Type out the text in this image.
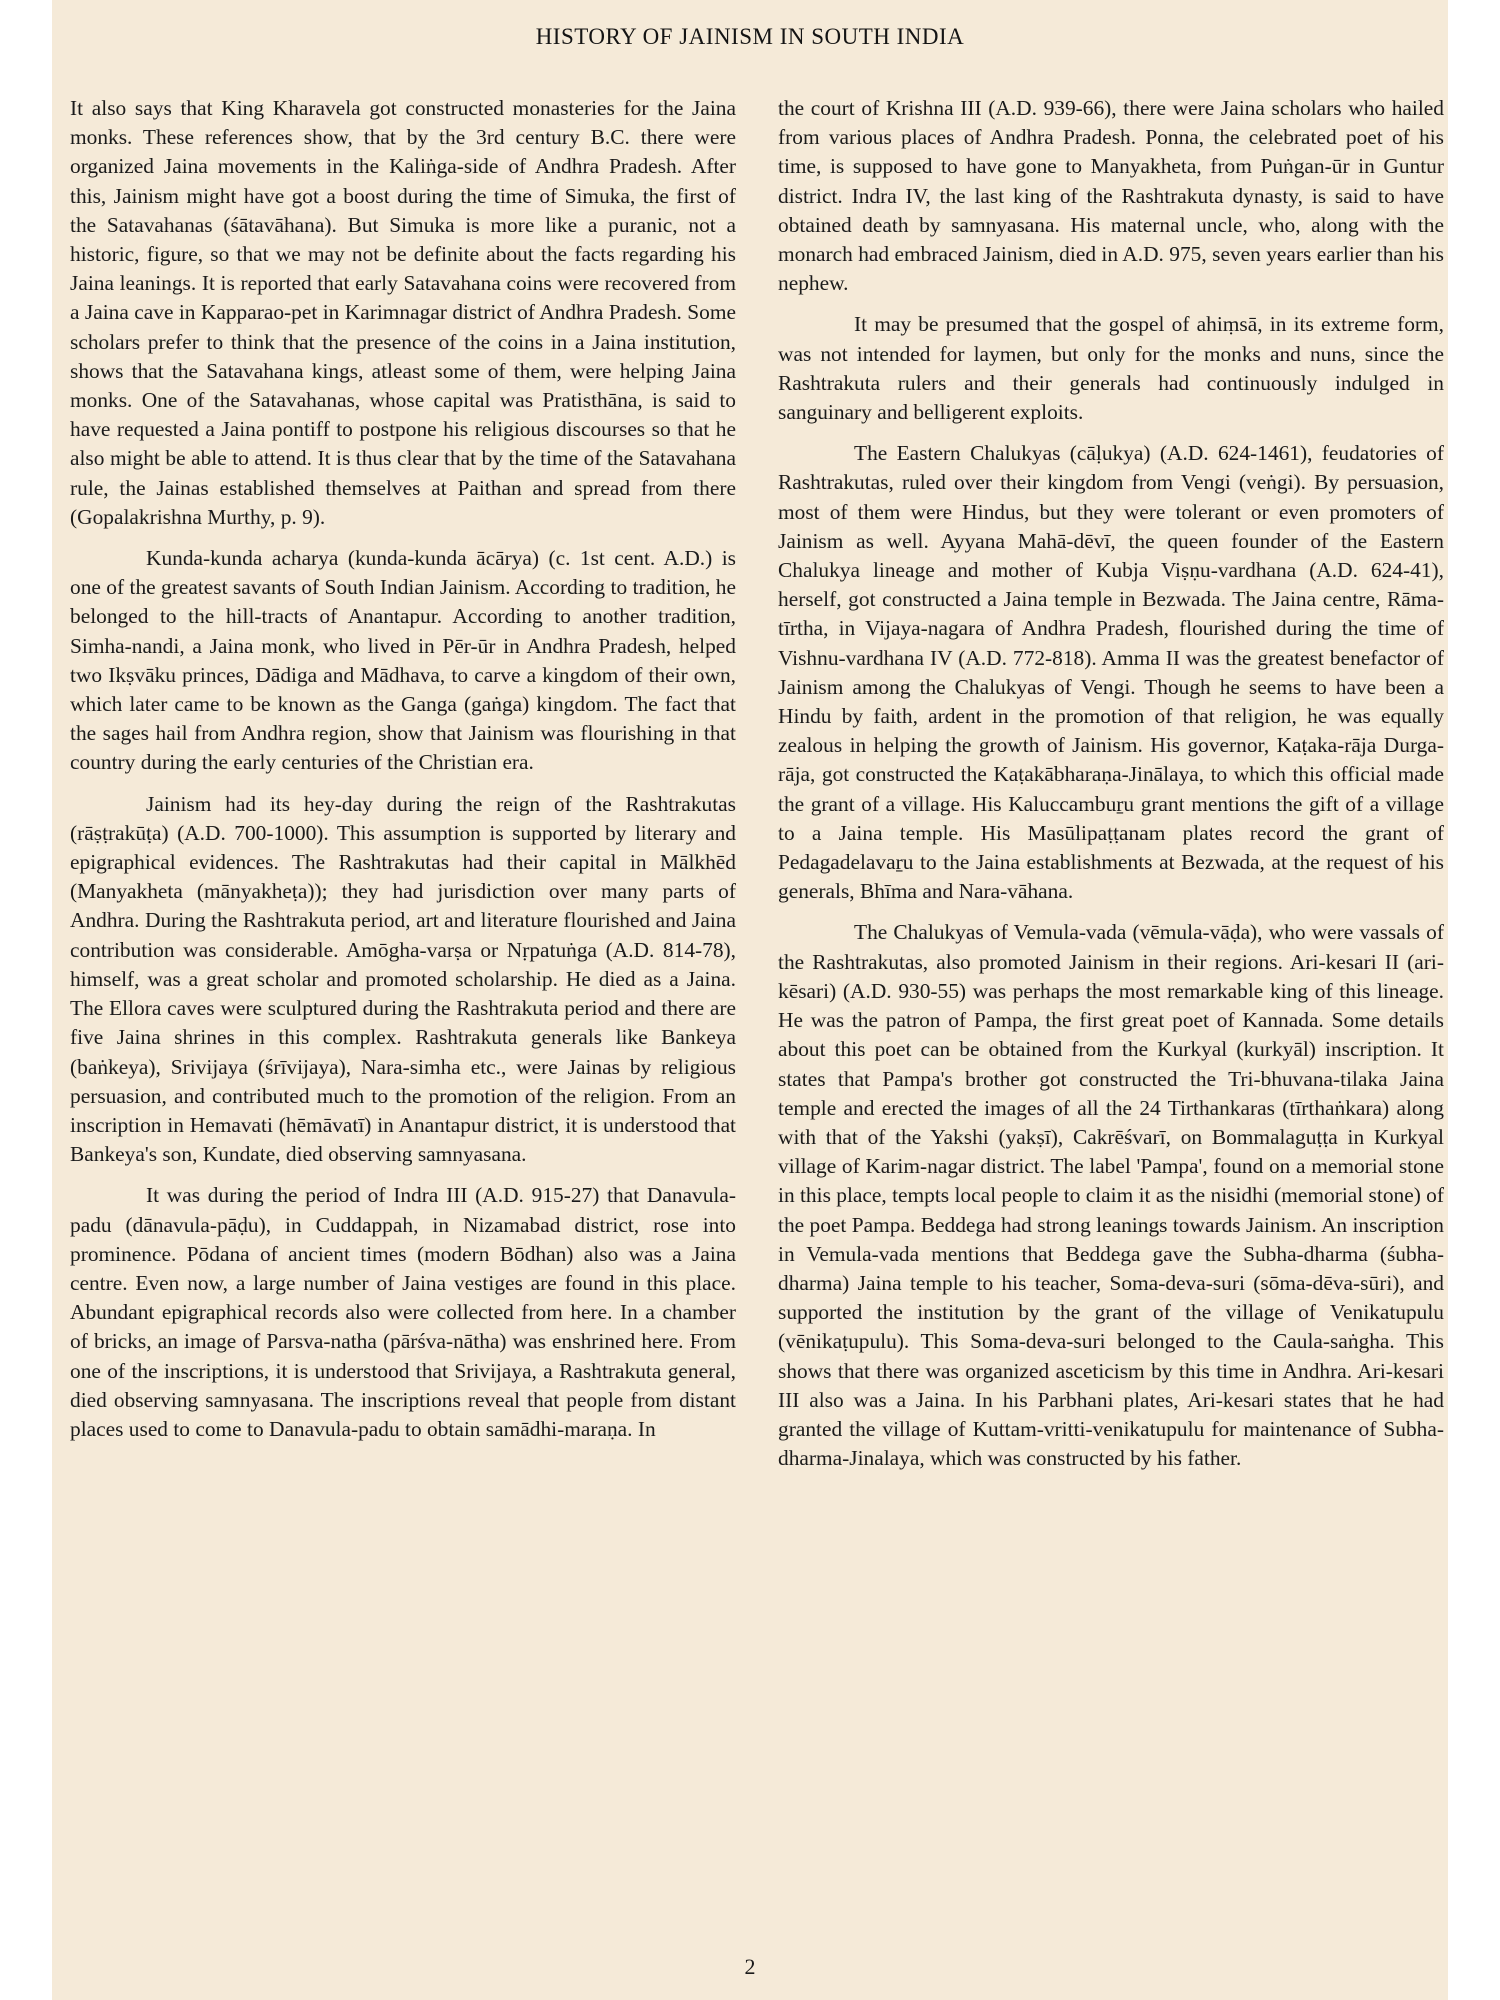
HISTORY OF JAINISM IN SOUTH INDIA

It also says that King Kharavela got constructed monasteries for the Jaina monks. These references show, that by the 3rd century B.C. there were organized Jaina movements in the Kaliṅga-side of Andhra Pradesh. After this, Jainism might have got a boost during the time of Simuka, the first of the Satavahanas (śātavāhana). But Simuka is more like a puranic, not a historic, figure, so that we may not be definite about the facts regarding his Jaina leanings. It is reported that early Satavahana coins were recovered from a Jaina cave in Kapparao-pet in Karimnagar district of Andhra Pradesh. Some scholars prefer to think that the presence of the coins in a Jaina institution, shows that the Satavahana kings, atleast some of them, were helping Jaina monks. One of the Satavahanas, whose capital was Pratisthāna, is said to have requested a Jaina pontiff to postpone his religious discourses so that he also might be able to attend. It is thus clear that by the time of the Satavahana rule, the Jainas established themselves at Paithan and spread from there (Gopalakrishna Murthy, p. 9).

Kunda-kunda acharya (kunda-kunda ācārya) (c. 1st cent. A.D.) is one of the greatest savants of South Indian Jainism. According to tradition, he belonged to the hill-tracts of Anantapur. According to another tradition, Simha-nandi, a Jaina monk, who lived in Pēr-ūr in Andhra Pradesh, helped two Ikṣvāku princes, Dādiga and Mādhava, to carve a kingdom of their own, which later came to be known as the Ganga (gaṅga) kingdom. The fact that the sages hail from Andhra region, show that Jainism was flourishing in that country during the early centuries of the Christian era.

Jainism had its hey-day during the reign of the Rashtrakutas (rāṣṭrakūṭa) (A.D. 700-1000). This assumption is supported by literary and epigraphical evidences. The Rashtrakutas had their capital in Mālkhēd (Manyakheta (mānyakheṭa)); they had jurisdiction over many parts of Andhra. During the Rashtrakuta period, art and literature flourished and Jaina contribution was considerable. Amōgha-varṣa or Nṛpatuṅga (A.D. 814-78), himself, was a great scholar and promoted scholarship. He died as a Jaina. The Ellora caves were sculptured during the Rashtrakuta period and there are five Jaina shrines in this complex. Rashtrakuta generals like Bankeya (baṅkeya), Srivijaya (śrīvijaya), Nara-simha etc., were Jainas by religious persuasion, and contributed much to the promotion of the religion. From an inscription in Hemavati (hēmāvatī) in Anantapur district, it is understood that Bankeya's son, Kundate, died observing samnyasana.

It was during the period of Indra III (A.D. 915-27) that Danavula-padu (dānavula-pāḍu), in Cuddappah, in Nizamabad district, rose into prominence. Pōdana of ancient times (modern Bōdhan) also was a Jaina centre. Even now, a large number of Jaina vestiges are found in this place. Abundant epigraphical records also were collected from here. In a chamber of bricks, an image of Parsva-natha (pārśva-nātha) was enshrined here. From one of the inscriptions, it is understood that Srivijaya, a Rashtrakuta general, died observing samnyasana. The inscriptions reveal that people from distant places used to come to Danavula-padu to obtain samādhi-maraṇa. In

the court of Krishna III (A.D. 939-66), there were Jaina scholars who hailed from various places of Andhra Pradesh. Ponna, the celebrated poet of his time, is supposed to have gone to Manyakheta, from Puṅgan-ūr in Guntur district. Indra IV, the last king of the Rashtrakuta dynasty, is said to have obtained death by samnyasana. His maternal uncle, who, along with the monarch had embraced Jainism, died in A.D. 975, seven years earlier than his nephew.

It may be presumed that the gospel of ahiṃsā, in its extreme form, was not intended for laymen, but only for the monks and nuns, since the Rashtrakuta rulers and their generals had continuously indulged in sanguinary and belligerent exploits.

The Eastern Chalukyas (cāḷukya) (A.D. 624-1461), feudatories of Rashtrakutas, ruled over their kingdom from Vengi (veṅgi). By persuasion, most of them were Hindus, but they were tolerant or even promoters of Jainism as well. Ayyana Mahā-dēvī, the queen founder of the Eastern Chalukya lineage and mother of Kubja Viṣṇu-vardhana (A.D. 624-41), herself, got constructed a Jaina temple in Bezwada. The Jaina centre, Rāma-tīrtha, in Vijaya-nagara of Andhra Pradesh, flourished during the time of Vishnu-vardhana IV (A.D. 772-818). Amma II was the greatest benefactor of Jainism among the Chalukyas of Vengi. Though he seems to have been a Hindu by faith, ardent in the promotion of that religion, he was equally zealous in helping the growth of Jainism. His governor, Kaṭaka-rāja Durga-rāja, got constructed the Kaṭakābharaṇa-Jinālaya, to which this official made the grant of a village. His Kaluccambuṟu grant mentions the gift of a village to a Jaina temple. His Masūlipaṭṭanam plates record the grant of Pedagadelavaṟu to the Jaina establishments at Bezwada, at the request of his generals, Bhīma and Nara-vāhana.

The Chalukyas of Vemula-vada (vēmula-vāḍa), who were vassals of the Rashtrakutas, also promoted Jainism in their regions. Ari-kesari II (ari-kēsari) (A.D. 930-55) was perhaps the most remarkable king of this lineage. He was the patron of Pampa, the first great poet of Kannada. Some details about this poet can be obtained from the Kurkyal (kurkyāl) inscription. It states that Pampa's brother got constructed the Tri-bhuvana-tilaka Jaina temple and erected the images of all the 24 Tirthankaras (tīrthaṅkara) along with that of the Yakshi (yakṣī), Cakrēśvarī, on Bommalaguṭṭa in Kurkyal village of Karim-nagar district. The label 'Pampa', found on a memorial stone in this place, tempts local people to claim it as the nisidhi (memorial stone) of the poet Pampa. Beddega had strong leanings towards Jainism. An inscription in Vemula-vada mentions that Beddega gave the Subha-dharma (śubha-dharma) Jaina temple to his teacher, Soma-deva-suri (sōma-dēva-sūri), and supported the institution by the grant of the village of Venikatupulu (vēnikaṭupulu). This Soma-deva-suri belonged to the Caula-saṅgha. This shows that there was organized asceticism by this time in Andhra. Ari-kesari III also was a Jaina. In his Parbhani plates, Ari-kesari states that he had granted the village of Kuttam-vritti-venikatupulu for maintenance of Subha-dharma-Jinalaya, which was constructed by his father.

2
